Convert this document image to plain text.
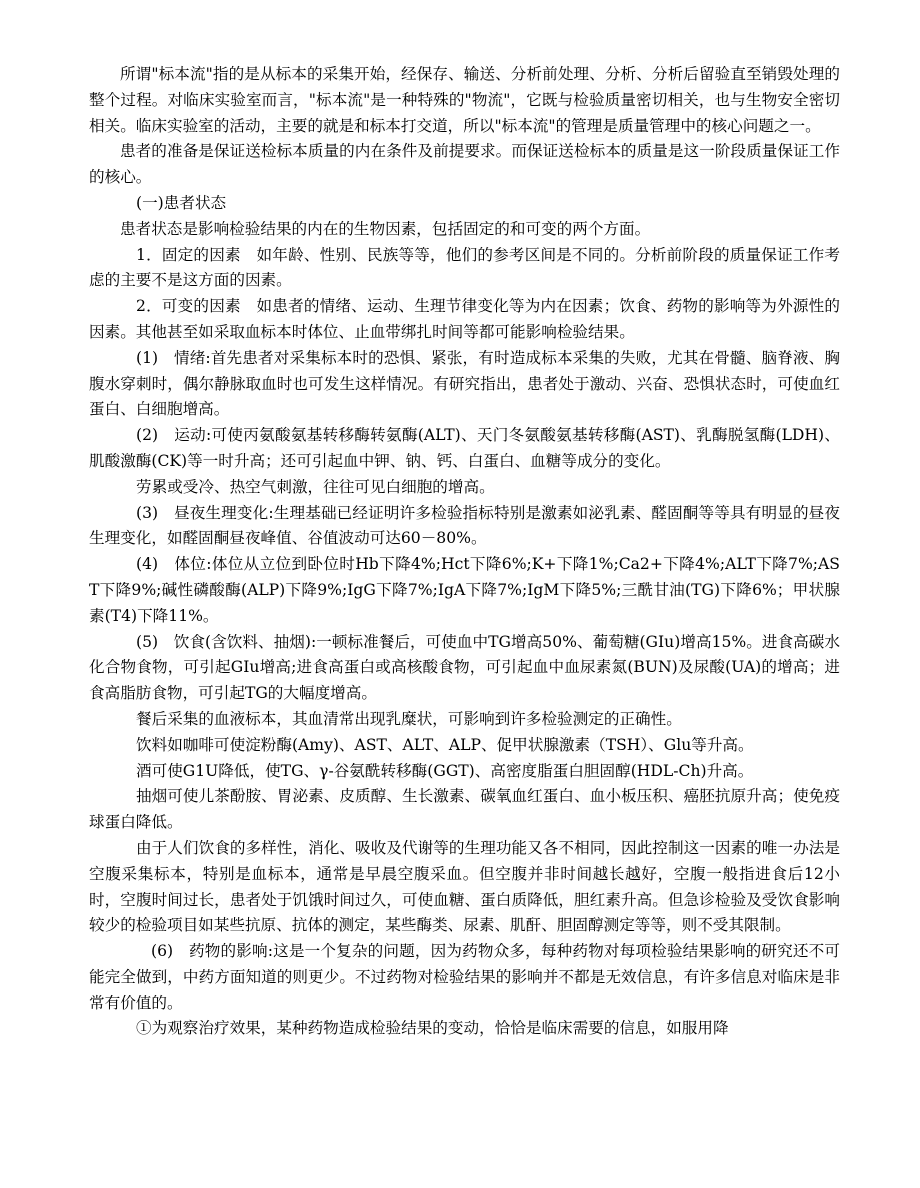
所谓"标本流"指的是从标本的采集开始，经保存、输送、分析前处理、分析、分析后留验直至销毁处理的整个过程。对临床实验室而言，"标本流"是一种特殊的"物流"，它既与检验质量密切相关，也与生物安全密切相关。临床实验室的活动，主要的就是和标本打交道，所以"标本流"的管理是质量管理中的核心问题之一。

患者的准备是保证送检标本质量的内在条件及前提要求。而保证送检标本的质量是这一阶段质量保证工作的核心。

(一)患者状态

患者状态是影响检验结果的内在的生物因素，包括固定的和可变的两个方面。

1．固定的因素　如年龄、性别、民族等等，他们的参考区间是不同的。分析前阶段的质量保证工作考虑的主要不是这方面的因素。

2．可变的因素　如患者的情绪、运动、生理节律变化等为内在因素；饮食、药物的影响等为外源性的因素。其他甚至如采取血标本时体位、止血带绑扎时间等都可能影响检验结果。

(1)　情绪:首先患者对采集标本时的恐惧、紧张，有时造成标本采集的失败，尤其在骨髓、脑脊液、胸腹水穿刺时，偶尔静脉取血时也可发生这样情况。有研究指出，患者处于激动、兴奋、恐惧状态时，可使血红蛋白、白细胞增高。

(2)　运动:可使丙氨酸氨基转移酶转氨酶(ALT)、天门冬氨酸氨基转移酶(AST)、乳酶脱氢酶(LDH)、肌酸激酶(CK)等一时升高；还可引起血中钾、钠、钙、白蛋白、血糖等成分的变化。

劳累或受冷、热空气刺激，往往可见白细胞的增高。

(3)　昼夜生理变化:生理基础已经证明许多检验指标特别是激素如泌乳素、醛固酮等等具有明显的昼夜生理变化，如醛固酮昼夜峰值、谷值波动可达60－80%。

(4)　体位:体位从立位到卧位时Hb下降4%;Hct下降6%;K+下降1%;Ca2+下降4%;ALT下降7%;AST下降9%;碱性磷酸酶(ALP)下降9%;IgG下降7%;IgA下降7%;IgM下降5%;三酰甘油(TG)下降6%；甲状腺素(T4)下降11%。

(5)　饮食(含饮料、抽烟):一顿标准餐后，可使血中TG增高50%、葡萄糖(GIu)增高15%。进食高碳水化合物食物，可引起GIu增高;进食高蛋白或高核酸食物，可引起血中血尿素氮(BUN)及尿酸(UA)的增高；进食高脂肪食物，可引起TG的大幅度增高。

餐后采集的血液标本，其血清常出现乳糜状，可影响到许多检验测定的正确性。

饮料如咖啡可使淀粉酶(Amy)、AST、ALT、ALP、促甲状腺激素（TSH）、Glu等升高。

酒可使G1U降低，使TG、γ-谷氨酰转移酶(GGT)、高密度脂蛋白胆固醇(HDL-Ch)升高。

抽烟可使儿茶酚胺、胃泌素、皮质醇、生长激素、碳氧血红蛋白、血小板压积、癌胚抗原升高；使免疫球蛋白降低。

由于人们饮食的多样性，消化、吸收及代谢等的生理功能又各不相同，因此控制这一因素的唯一办法是空腹采集标本，特别是血标本，通常是早晨空腹采血。但空腹并非时间越长越好，空腹一般指进食后12小时，空腹时间过长，患者处于饥饿时间过久，可使血糖、蛋白质降低，胆红素升高。但急诊检验及受饮食影响较少的检验项目如某些抗原、抗体的测定，某些酶类、尿素、肌酐、胆固醇测定等等，则不受其限制。

(6)　药物的影响:这是一个复杂的问题，因为药物众多，每种药物对每项检验结果影响的研究还不可能完全做到，中药方面知道的则更少。不过药物对检验结果的影响并不都是无效信息，有许多信息对临床是非常有价值的。

①为观察治疗效果，某种药物造成检验结果的变动，恰恰是临床需要的信息，如服用降
